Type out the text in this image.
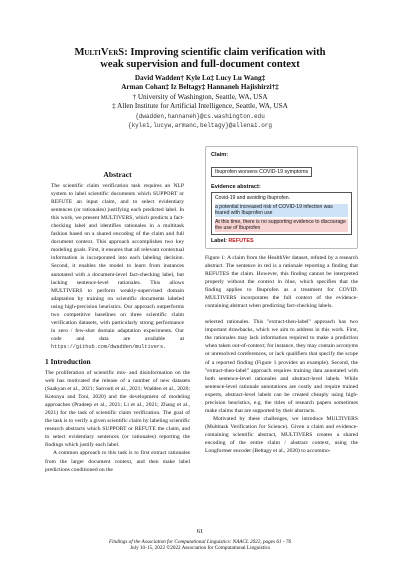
MultiVerS: Improving scientific claim verification with
weak supervision and full-document context
David Wadden† Kyle Lo‡ Lucy Lu Wang‡
Arman Cohan‡ Iz Beltagy‡ Hannaneh Hajishirzi†‡
† University of Washington, Seattle, WA, USA
‡ Allen Institute for Artificial Intelligence, Seattle, WA, USA
{dwadden,hannaneh}@cs.washington.edu
{kyle1,lucyw,armanc,beltagy}@allenai.org
Abstract
The scientific claim verification task requires an NLP system to label scientific documents which SUPPORT or REFUTE an input claim, and to select evidentiary sentences (or rationales) justifying each predicted label. In this work, we present MULTIVERS, which predicts a fact-checking label and identifies rationales in a multitask fashion based on a shared encoding of the claim and full document context. This approach accomplishes two key modeling goals. First, it ensures that all relevant contextual information is incorporated into each labeling decision. Second, it enables the model to learn from instances annotated with a document-level fact-checking label, but lacking sentence-level rationales. This allows MULTIVERS to perform weakly-supervised domain adaptation by training on scientific documents labeled using high-precision heuristics. Our approach outperforms two competitive baselines on three scientific claim verification datasets, with particularly strong performance in zero / few-shot domain adaptation experiments. Our code and data are available at https://github.com/dwadden/multivers.
1 Introduction
The proliferation of scientific mis- and disinformation on the web has motivated the release of a number of new datasets (Saakyan et al., 2021; Sarrouti et al., 2021; Wadden et al., 2020; Kotonya and Toni, 2020) and the development of modeling approaches (Pradeep et al., 2021; Li et al., 2021; Zhang et al., 2021) for the task of scientific claim verification. The goal of the task is to verify a given scientific claim by labeling scientific research abstracts which SUPPORT or REFUTE the claim, and to select evidentiary sentences (or rationales) reporting the findings which justify each label.
A common approach to this task is to first extract rationales from the larger document context, and then make label predictions conditioned on the
Claim:
Ibuprofen worsens COVID-19 symptoms
Evidence abstract:
Covid-19 and avoiding Ibuprofen.
a potential increased risk of COVID-19 infection was feared with Ibuprofen use
At this time, there is no supporting evidence to discourage the use of Ibuprofen
Label: REFUTES
Figure 1: A claim from the HealthVer dataset, refuted by a research abstract. The sentence in red is a rationale reporting a finding that REFUTES the claim. However, this finding cannot be interpreted properly without the context in blue, which specifies that the finding applies to Ibuprofen as a treatment for COVID. MULTIVERS incorporates the full context of the evidence-containing abstract when predicting fact-checking labels.
selected rationales. This "extract-then-label" approach has two important drawbacks, which we aim to address in this work. First, the rationales may lack information required to make a prediction when taken out-of-context; for instance, they may contain acronyms or unresolved coreferences, or lack qualifiers that specify the scope of a reported finding (Figure 1 provides an example). Second, the "extract-then-label" approach requires training data annotated with both sentence-level rationales and abstract-level labels. While sentence-level rationale annotations are costly and require trained experts, abstract-level labels can be created cheaply using high-precision heuristics, e.g. the titles of research papers sometimes make claims that are supported by their abstracts.
Motivated by these challenges, we introduce MULTIVERS (Multitask Verification for Science). Given a claim and evidence-containing scientific abstract, MULTIVERS creates a shared encoding of the entire claim / abstract context, using the Longformer encoder (Beltagy et al., 2020) to accommo-
61
Findings of the Association for Computational Linguistics: NAACL 2022, pages 61 - 76
July 10-15, 2022 ©2022 Association for Computational Linguistics
